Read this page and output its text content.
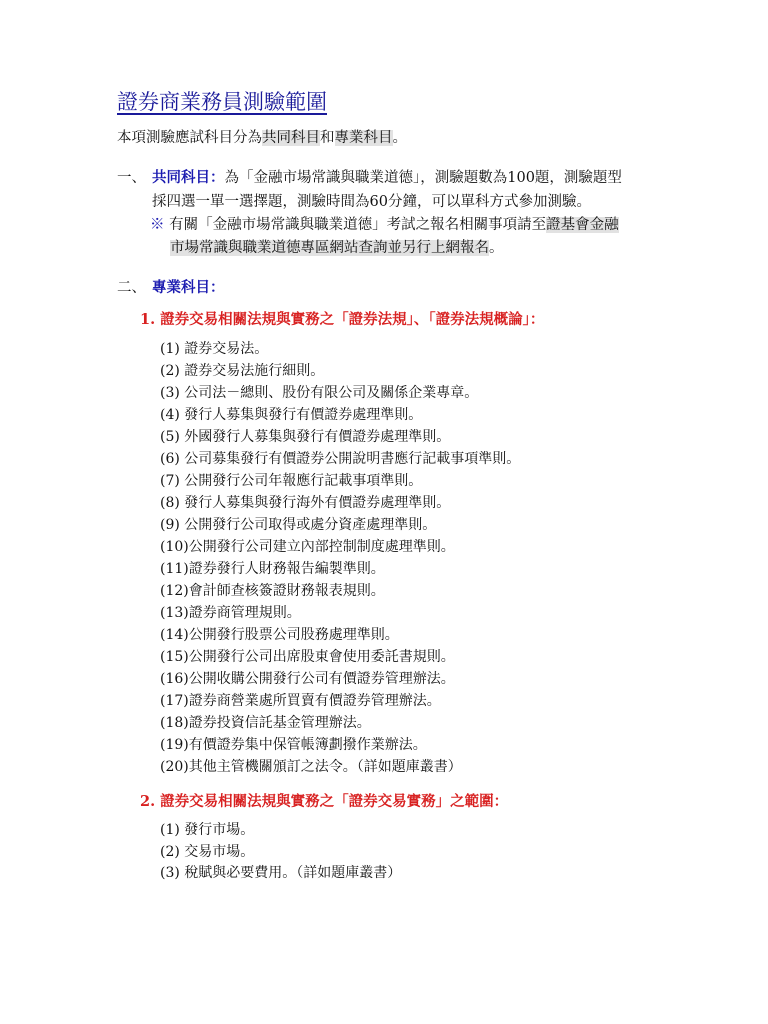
證券商業務員測驗範圍
本項測驗應試科目分為共同科目和專業科目。
一、 共同科目：為「金融市場常識與職業道德」，測驗題數為100題，測驗題型
採四選一單一選擇題，測驗時間為60分鐘，可以單科方式參加測驗。
※ 有關「金融市場常識與職業道德」考試之報名相關事項請至證基會金融
市場常識與職業道德專區網站查詢並另行上網報名。
二、 專業科目：
1. 證券交易相關法規與實務之「證券法規」、「證券法規概論」：
(1) 證券交易法。
(2) 證券交易法施行細則。
(3) 公司法－總則、股份有限公司及關係企業專章。
(4) 發行人募集與發行有價證券處理準則。
(5) 外國發行人募集與發行有價證券處理準則。
(6) 公司募集發行有價證券公開說明書應行記載事項準則。
(7) 公開發行公司年報應行記載事項準則。
(8) 發行人募集與發行海外有價證券處理準則。
(9) 公開發行公司取得或處分資產處理準則。
(10)公開發行公司建立內部控制制度處理準則。
(11)證券發行人財務報告編製準則。
(12)會計師查核簽證財務報表規則。
(13)證券商管理規則。
(14)公開發行股票公司股務處理準則。
(15)公開發行公司出席股東會使用委託書規則。
(16)公開收購公開發行公司有價證券管理辦法。
(17)證券商營業處所買賣有價證券管理辦法。
(18)證券投資信託基金管理辦法。
(19)有價證券集中保管帳簿劃撥作業辦法。
(20)其他主管機關頒訂之法令。（詳如題庫叢書）
2. 證券交易相關法規與實務之「證券交易實務」之範圍：
(1) 發行市場。
(2) 交易市場。
(3) 稅賦與必要費用。（詳如題庫叢書）
